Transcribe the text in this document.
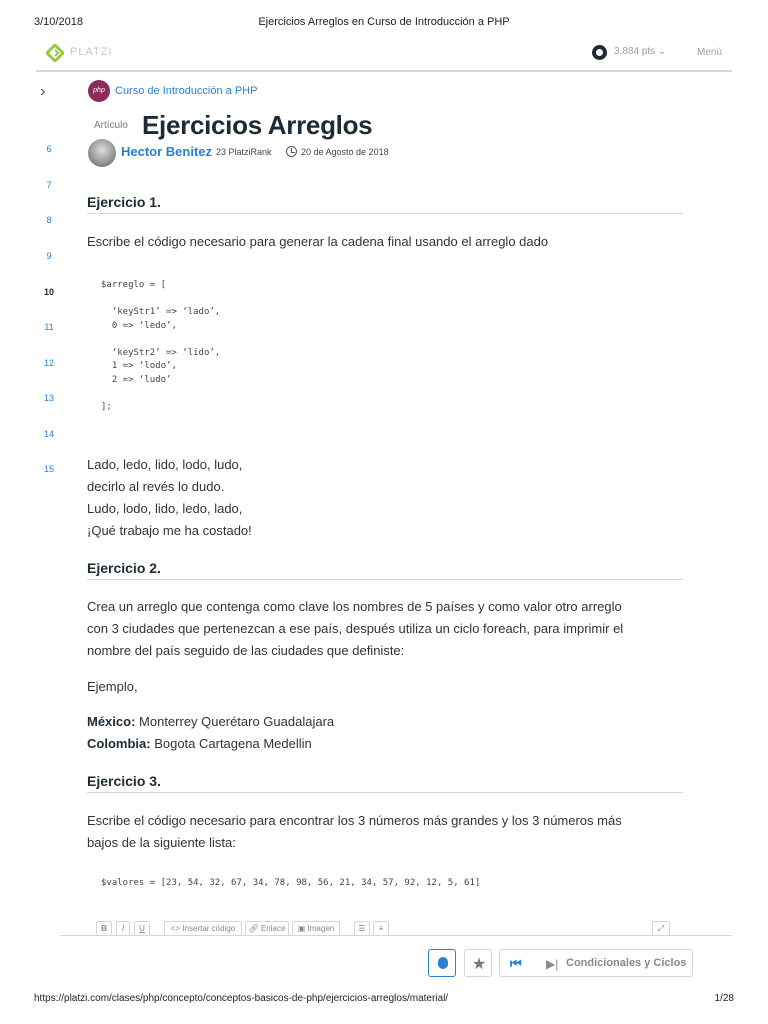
3/10/2018	Ejercicios Arreglos en Curso de Introducción a PHP
PLATZI	3.884 pts ⌄	Menú
›
6
7
8
9
10
11
12
13
14
15
php Curso de Introducción a PHP
Artículo Ejercicios Arreglos
Hector Benitez 23 PlatziRank	20 de Agosto de 2018
Ejercicio 1.

Escribe el código necesario para generar la cadena final usando el arreglo dado

$arreglo = [

‘keyStr1’ => ‘lado’,
0 => ‘ledo’,

‘keyStr2’ => ‘lido’,
1 => ‘lodo’,
2 => ‘ludo’

];
Lado, ledo, lido, lodo, ludo,
decirlo al revés lo dudo.
Ludo, lodo, lido, ledo, lado,
¡Qué trabajo me ha costado!
Ejercicio 2.
Crea un arreglo que contenga como clave los nombres de 5 países y como valor otro arreglo
con 3 ciudades que pertenezcan a ese país, después utiliza un ciclo foreach, para imprimir el
nombre del país seguido de las ciudades que definiste:

Ejemplo,

México: Monterrey Querétaro Guadalajara
Colombia: Bogota Cartagena Medellin
Ejercicio 3.
Escribe el código necesario para encontrar los 3 números más grandes y los 3 números más
bajos de la siguiente lista:
$valores = [23, 54, 32, 67, 34, 78, 98, 56, 21, 34, 57, 92, 12, 5, 61]
B	I	U	<> Insertar código	🔗︎ Enlace	▣ Imagen	☰	≡	⤢
★	⏮ ▶| Condicionales y Ciclos
https://platzi.com/clases/php/concepto/conceptos-basicos-de-php/ejercicios-arreglos/material/	1/28
